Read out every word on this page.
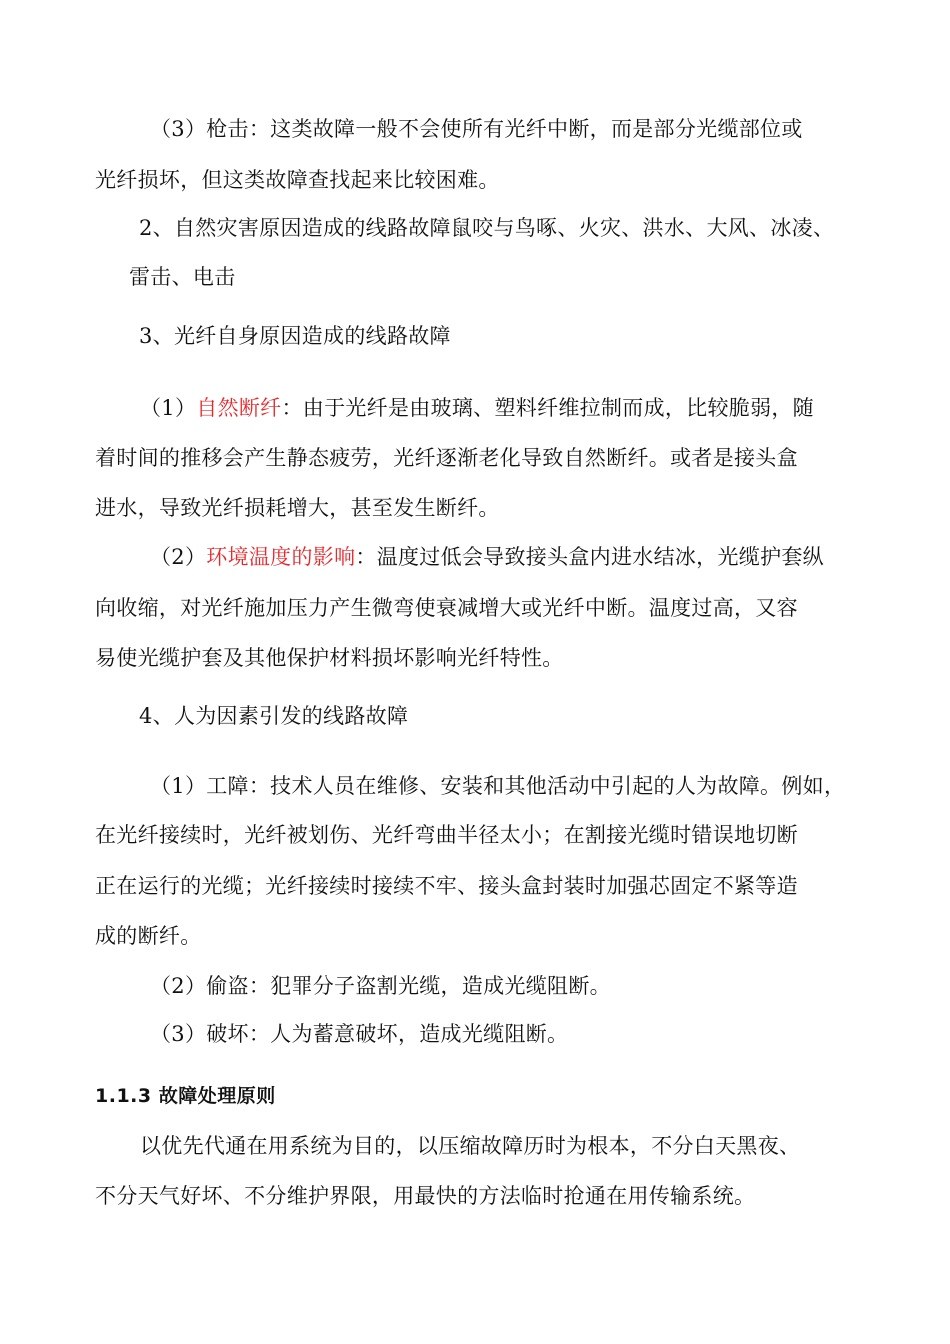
（3）枪击：这类故障一般不会使所有光纤中断，而是部分光缆部位或
光纤损坏，但这类故障查找起来比较困难。
2、自然灾害原因造成的线路故障鼠咬与鸟啄、火灾、洪水、大风、冰凌、
雷击、电击
3、光纤自身原因造成的线路故障
（1）自然断纤：由于光纤是由玻璃、塑料纤维拉制而成，比较脆弱，随
着时间的推移会产生静态疲劳，光纤逐渐老化导致自然断纤。或者是接头盒
进水，导致光纤损耗增大，甚至发生断纤。
（2）环境温度的影响：温度过低会导致接头盒内进水结冰，光缆护套纵
向收缩，对光纤施加压力产生微弯使衰减增大或光纤中断。温度过高，又容
易使光缆护套及其他保护材料损坏影响光纤特性。
4、人为因素引发的线路故障
（1）工障：技术人员在维修、安装和其他活动中引起的人为故障。例如，
在光纤接续时，光纤被划伤、光纤弯曲半径太小；在割接光缆时错误地切断
正在运行的光缆；光纤接续时接续不牢、接头盒封装时加强芯固定不紧等造
成的断纤。
（2）偷盗：犯罪分子盗割光缆，造成光缆阻断。
（3）破坏：人为蓄意破坏，造成光缆阻断。
1.1.3 故障处理原则
以优先代通在用系统为目的，以压缩故障历时为根本，不分白天黑夜、
不分天气好坏、不分维护界限，用最快的方法临时抢通在用传输系统。
